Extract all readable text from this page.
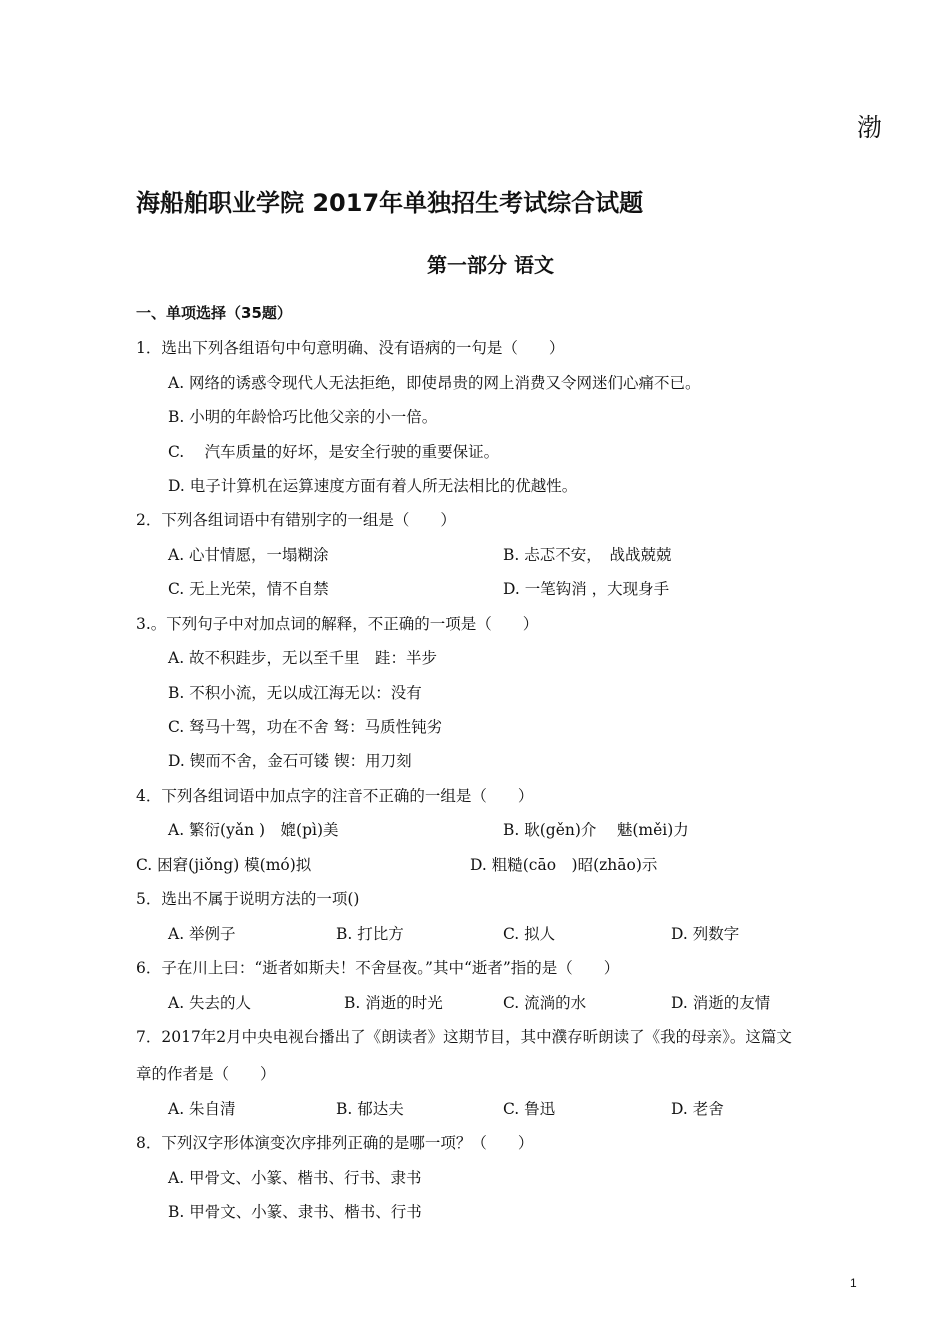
渤
海船舶职业学院 2017年单独招生考试综合试题
第一部分 语文
一、单项选择（35题）
1．选出下列各组语句中句意明确、没有语病的一句是（　　）
A. 网络的诱惑令现代人无法拒绝，即使昂贵的网上消费又令网迷们心痛不已。
B. 小明的年龄恰巧比他父亲的小一倍。
C.　 汽车质量的好坏，是安全行驶的重要保证。
D. 电子计算机在运算速度方面有着人所无法相比的优越性。
2．下列各组词语中有错别字的一组是（　　）
A. 心甘情愿，一塌糊涂	B. 忐忑不安，　战战兢兢
C. 无上光荣，情不自禁	D. 一笔钩消 ，大现身手
3.。下列句子中对加点词的解释，不正确的一项是（　　）
A. 故不积跬步，无以至千里　跬：半步
B. 不积小流，无以成江海无以：没有
C. 驽马十驾，功在不舍 驽：马质性钝劣
D. 锲而不舍，金石可镂 锲：用刀刻
4．下列各组词语中加点字的注音不正确的一组是（　　）
A. 繁衍(yǎn )　媲(pì)美	B. 耿(gěn)介　 魅(měi)力
C. 困窘(jiǒng) 模(mó)拟	D. 粗糙(cāo　)昭(zhāo)示
5．选出不属于说明方法的一项()
A. 举例子	B. 打比方	C. 拟人	D. 列数字
6．子在川上曰：“逝者如斯夫！不舍昼夜。”其中“逝者”指的是（　　）
A. 失去的人	B. 消逝的时光	C. 流淌的水	D. 消逝的友情
7．2017年2月中央电视台播出了《朗读者》这期节目，其中濮存昕朗读了《我的母亲》。这篇文
章的作者是（　　）
A. 朱自清	B. 郁达夫	C. 鲁迅	D. 老舍
8．下列汉字形体演变次序排列正确的是哪一项？（　　）
A. 甲骨文、小篆、楷书、行书、隶书
B. 甲骨文、小篆、隶书、楷书、行书
1
